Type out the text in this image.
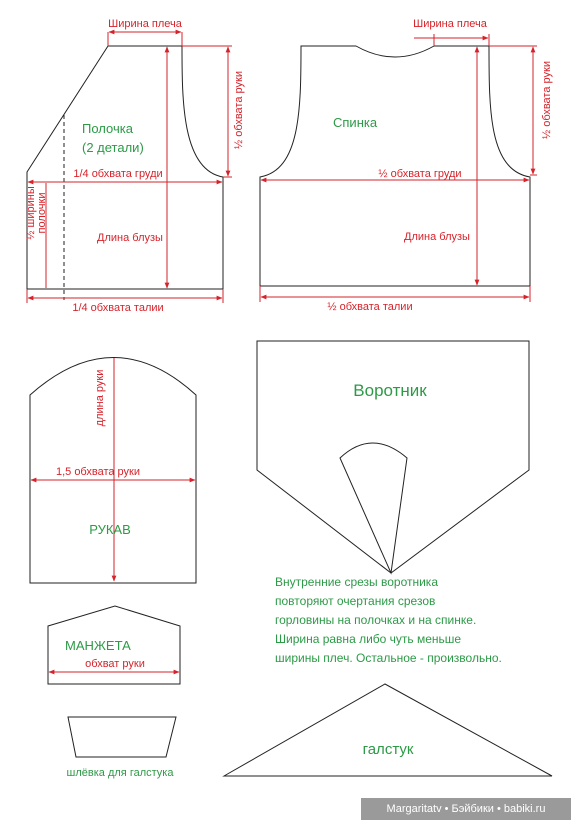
Ширина плеча
½ обхвата руки
1/4 обхвата груди
½ ширины полочки
Длина блузы
1/4 обхвата талии
Полочка
(2 детали)
Ширина плеча
½ обхвата руки
½ обхвата груди
Длина блузы
½ обхвата талии
Спинка
длина руки
1,5 обхвата руки
РУКАВ
Воротник
Внутренние срезы воротника
повторяют очертания срезов
горловины на полочках и на спинке.
Ширина равна либо чуть меньше
ширины плеч. Остальное - произвольно.
МАНЖЕТА
обхват руки
шлёвка для галстука
галстук
Margaritatv • Бэйбики • babiki.ru
